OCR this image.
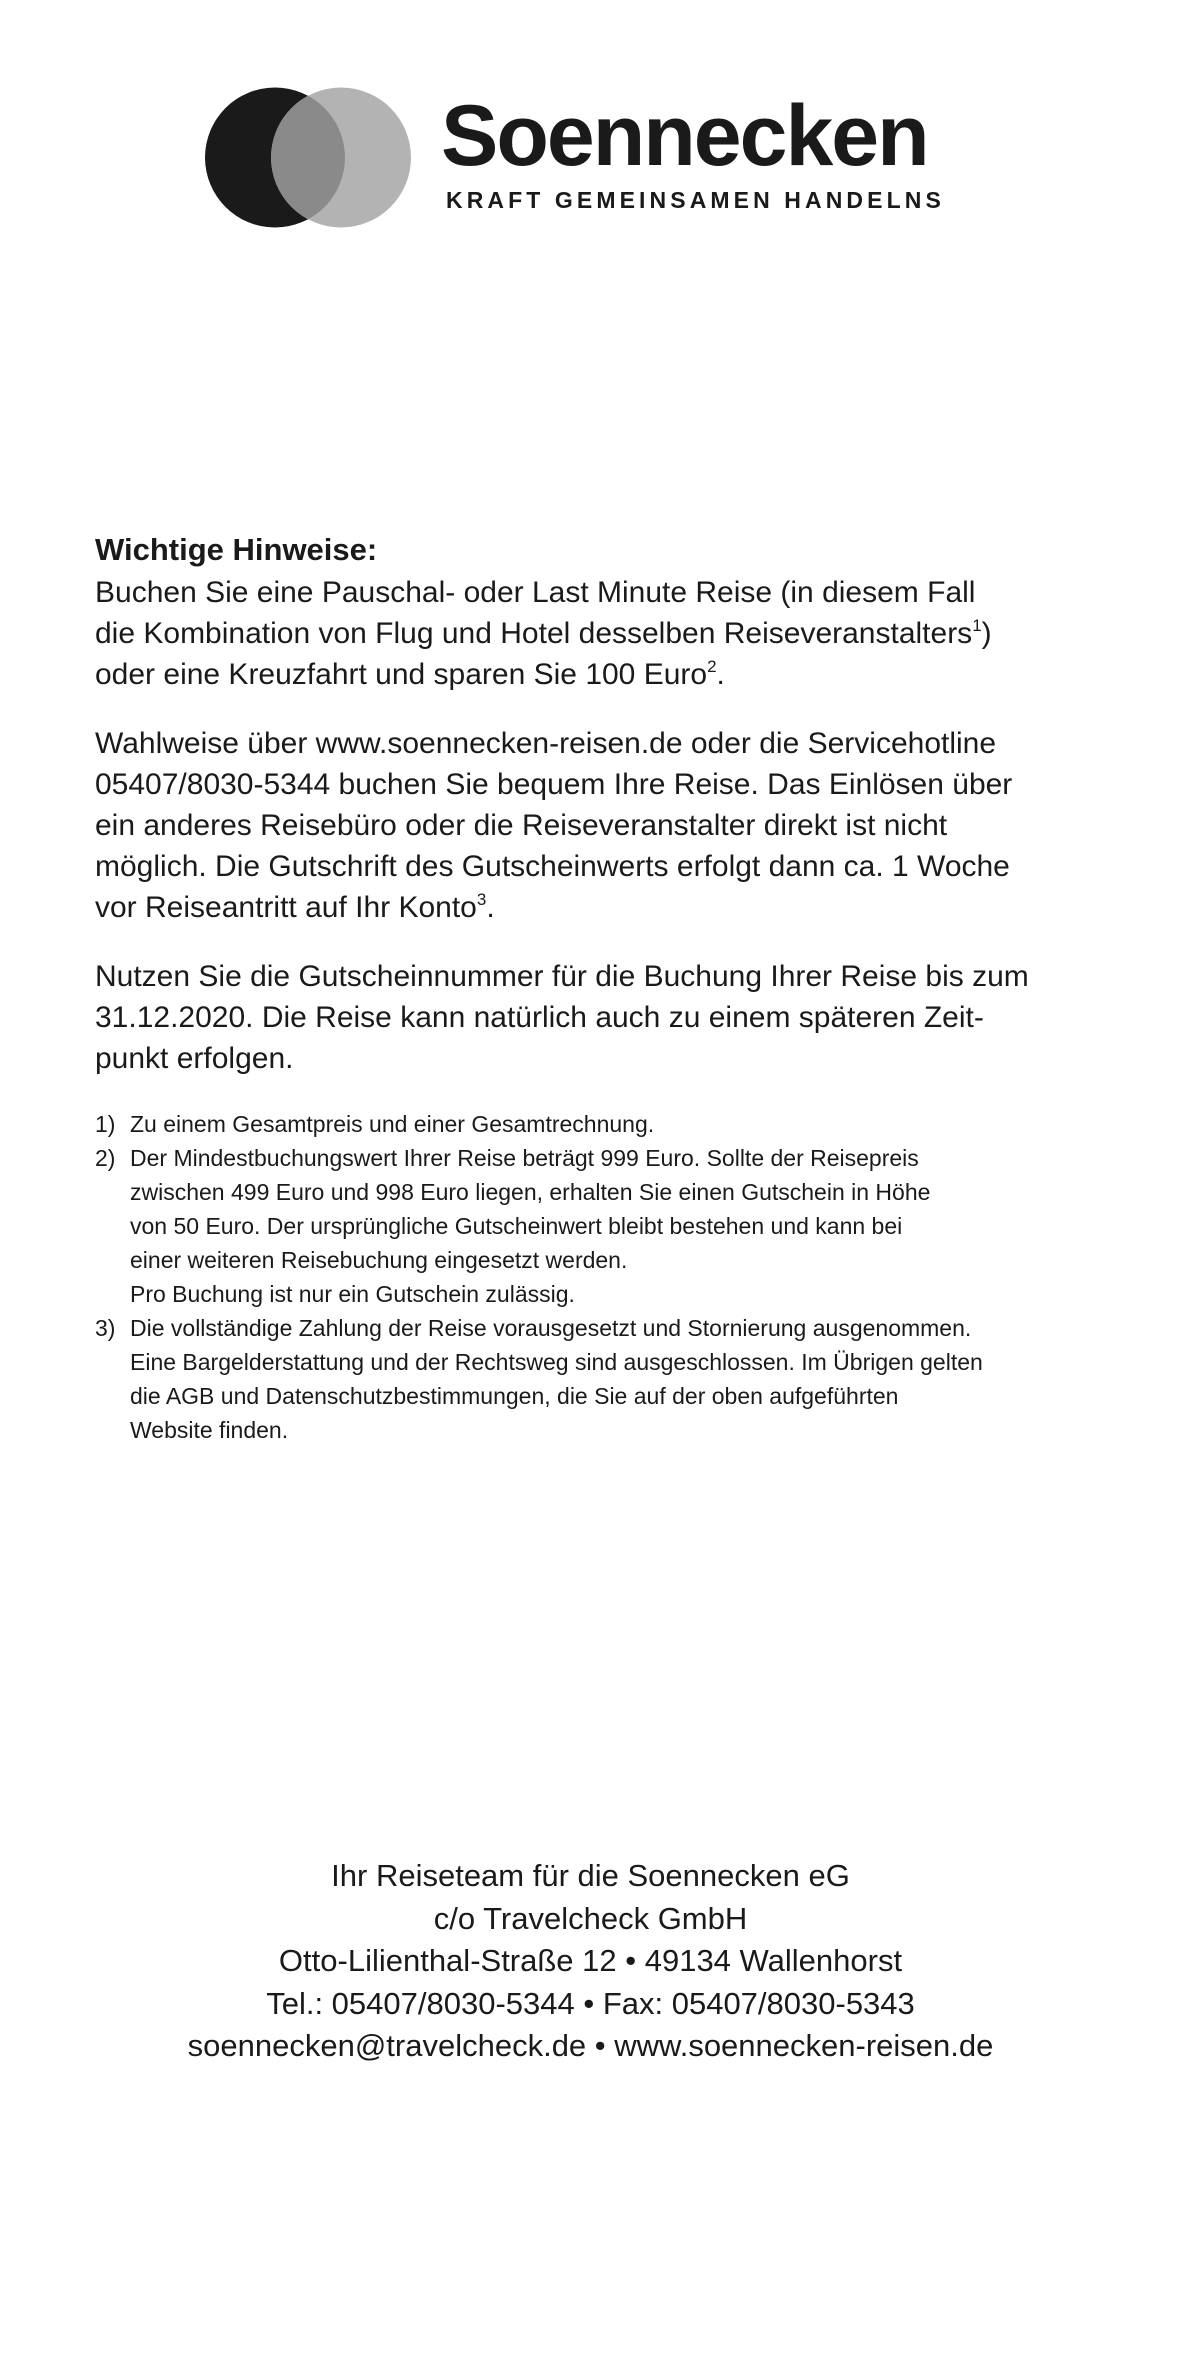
Soennecken
KRAFT GEMEINSAMEN HANDELNS

Wichtige Hinweise:

Buchen Sie eine Pauschal- oder Last Minute Reise (in diesem Fall
die Kombination von Flug und Hotel desselben Reiseveranstalters$^1$)
oder eine Kreuzfahrt und sparen Sie 100 Euro$^2$.

Wahlweise über www.soennecken-reisen.de oder die Servicehotline
05407/8030-5344 buchen Sie bequem Ihre Reise. Das Einlösen über
ein anderes Reisebüro oder die Reiseveranstalter direkt ist nicht
möglich. Die Gutschrift des Gutscheinwerts erfolgt dann ca. 1 Woche
vor Reiseantritt auf Ihr Konto$^3$.

Nutzen Sie die Gutscheinnummer für die Buchung Ihrer Reise bis zum
31.12.2020. Die Reise kann natürlich auch zu einem späteren Zeit-
punkt erfolgen.

1) Zu einem Gesamtpreis und einer Gesamtrechnung.
2) Der Mindestbuchungswert Ihrer Reise beträgt 999 Euro. Sollte der Reisepreis
zwischen 499 Euro und 998 Euro liegen, erhalten Sie einen Gutschein in Höhe
von 50 Euro. Der ursprüngliche Gutscheinwert bleibt bestehen und kann bei
einer weiteren Reisebuchung eingesetzt werden.
Pro Buchung ist nur ein Gutschein zulässig.
3) Die vollständige Zahlung der Reise vorausgesetzt und Stornierung ausgenommen.
Eine Bargelderstattung und der Rechtsweg sind ausgeschlossen. Im Übrigen gelten
die AGB und Datenschutzbestimmungen, die Sie auf der oben aufgeführten
Website finden.
Ihr Reiseteam für die Soennecken eG
c/o Travelcheck GmbH
Otto-Lilienthal-Straße 12 • 49134 Wallenhorst
Tel.: 05407/8030-5344 • Fax: 05407/8030-5343
soennecken@travelcheck.de • www.soennecken-reisen.de
